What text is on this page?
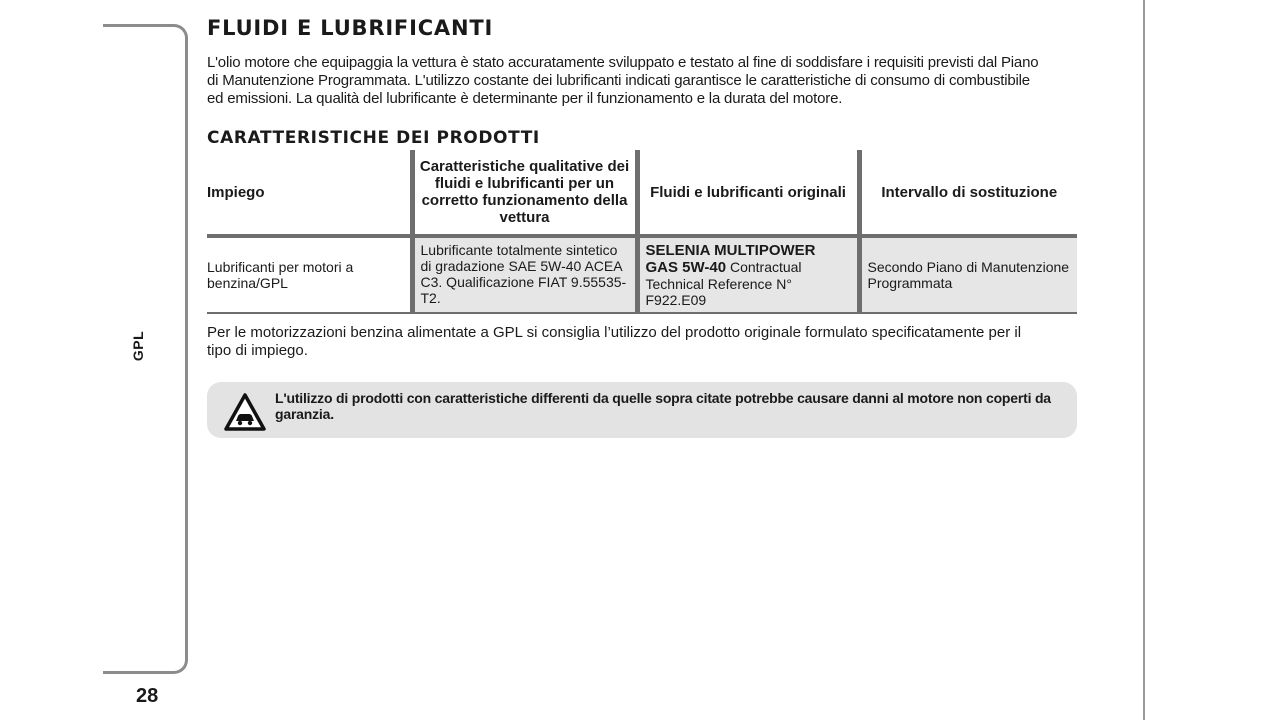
GPL
28
FLUIDI E LUBRIFICANTI

L'olio motore che equipaggia la vettura è stato accuratamente sviluppato e testato al fine di soddisfare i requisiti previsti dal Piano di Manutenzione Programmata. L'utilizzo costante dei lubrificanti indicati garantisce le caratteristiche di consumo di combustibile ed emissioni. La qualità del lubrificante è determinante per il funzionamento e la durata del motore.

CARATTERISTICHE DEI PRODOTTI
Impiego	Caratteristiche qualitative dei fluidi e lubrificanti per un corretto funzionamento della vettura	Fluidi e lubrificanti originali	Intervallo di sostituzione
Lubrificanti per motori a benzina/GPL	Lubrificante totalmente sintetico di gradazione SAE 5W-40 ACEA C3. Qualificazione FIAT 9.55535-T2.	SELENIA MULTIPOWER GAS 5W-40 Contractual Technical Reference N° F922.E09	Secondo Piano di Manutenzione Programmata

Per le motorizzazioni benzina alimentate a GPL si consiglia l’utilizzo del prodotto originale formulato specificatamente per il tipo di impiego.

L'utilizzo di prodotti con caratteristiche differenti da quelle sopra citate potrebbe causare danni al motore non coperti da garanzia.
